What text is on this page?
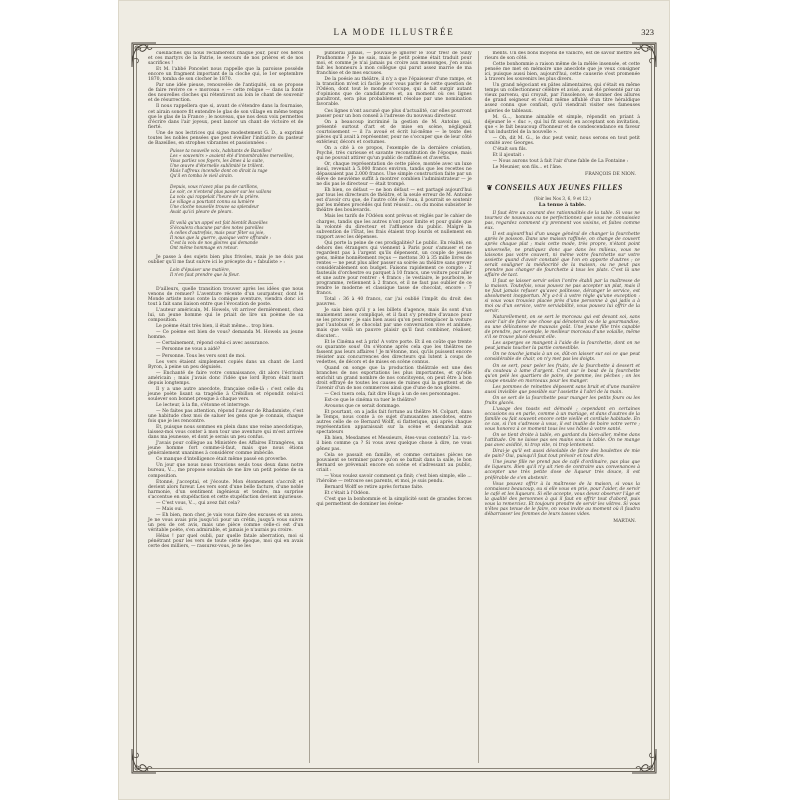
LA MODE ILLUSTRÉE	323

cueillaches qui nous réclamèrent chaque jour, pour ces héros et ces martyrs de la Patrie, le secours de nos prières et de nos sacrifices !

Et M. l'abbé Poncelet nous rappelle que la paroisse possède encore un fragment important de la cloche qui, le 1er septembre 1870, tomba de son clocher le 1870.

Par une idée pieuse, renouvelée de l'antiquité, on se propose de faire revivre ce « morceau » — cette relique — dans la fonte des nouvelles cloches qui rétentiront au loin le chant de souvenir et de résurrection.

Il nous rappellera que si, avant de s'étendre dans la fournaise, cet airain sonore fit entendre le glas de son village en même temps que le glas de la France ; le nouveau, que nos deux voix permettes d'écrire dans l'air joyeux, peut lancer un chant de victoire et de fierté.

Une de nos lectrices qui signe modestement G. D., a exprimé toutes les nobles pensées que peut éveiller l'initiative du pasteur de Bazeilles, en strophes vibrantes et passionnées :

Puisse ta nouvelle voix, habitants de Bazeilles!
Les « souvenirs » avaient été d'innombrables merveilles,
Vous parliez vos foyers, les âmes à la suite,
Une œuvre d'éternelle sublimité te trillent.
Mais l'affreux incendie dont on dirait la rage
Qu'il en tomba le vieil airain.
Depuis, vous n'avez plus pu de carillons,
Le soir, ce n'entend plus passer sur les vallons
La voix qui rappelait l'heure de la prière.
Le village a pourtant connu sa lumière
Une cloche nouvelle trouve sa splendeur
Avait qu'ici pleure de pleurs.
Et voilà qu'un appel est fait bientôt Bazeilles
S'écoulera chacune par des notes pareilles
A celles d'autrefois, mais pour fêter sa joie,
Il nous que la guerre, quoique votre offrande :
C'est la voix de nos gloires qui demande
Ont même hommage en retour.

Je passe à des sujets bien plus frivoles, mais je ne dois pas oublier qu'il me faut suivre ici le précepte du « fabuliste » :

Loin d'épuiser une matière,
Il n'en faut prendre que la fleur.

D'ailleurs, quelle transition trouver après les idées que nous venons de remuer? L'aventure récente d'un usurpateur, dont le Monde artiste nous conte la comique aventure, viendra donc ici tout à fait sans liaison entre que l'évocation de poste.

L'auteur américain, M. Howels, vit arriver dernièrement, chez lui, un jeune homme qui le priait de lire un poème de sa composition.

Le poème était très bien, il était même... trop bien.

— Ce poème est bien de vous? demanda M. Howels au jeune homme.

— Certainement, répond celui-ci avec assurance.

— Personne ne vous a aidé?

— Personne. Tous les vers sont de moi.

Les vers étaient simplement copiés dans un chant de Lord Byron, à peine un peu déguisés.

— Enchanté de faire votre connaissance, dit alors l'écrivain américain ; mais j'avais donc l'idée que lord Byron était mort depuis longtemps.

Il y a une autre anecdote, française celle-là : c'est celle du jeune poète lisant sa tragédie à Crébillon et répondit celui-ci soulever son bonnet presque à chaque vers.

Le lecteur, à la fin, s'étonne et interroge.

— Ne faites pas attention, répond l'auteur de Rhadamiste, c'est une habitude chez moi de saluer les gens que je connais, chaque fois que je les rencontre.

Et, puisque nous sommes en plein dans une veine anecdotique, laissez-moi vous conter à mon tour une aventure qui m'est arrivée dans ma jeunesse, et dont je serais un peu confus.

J'avais pour collègue au Ministère des Affaires Étrangères, un jeune homme fort comme-il-faut, mais que nous étions généralement unanimes à considérer comme imbécile.

Ce manque d'intelligence était même passé en proverbe.

Un jour que nous nous trouvions seuls tous deux dans notre bureau, V..., me propose soudain de me lire un petit poème de sa composition.

Étonné, j'acceptai, et j'écoute. Mon étonnement s'accroît et devient alors fureur. Les vers sont d'une belle facture, d'une noble harmonie, d'un sentiment ingénieux et tendre, ma surprise s'accentue en stupéfaction et cette stupéfaction devient injurieuse.

— C'est vous, V..., qui avez fait cela?

— Mais oui.

— Eh bien, mon cher, je vais vous faire des excuses et un aveu. Je ne vous avais pris jusqu'ici pour un crétin, jusqu'à vous suivre un peu de cet avis, mais une pièce comme celle-ci est d'un véritable poète, s'en admirable, et jamais je n'aurais pu croire.

Hélas ! par quel oubli, par quelle fatale aberration, moi si pénétrant pour les vers de toute cette époque, moi qui en avais certe des milliers, — rassurez-vous, je ne les

publierai jamais, — pouvais-je ignorer le Tour très! de Sully Prudhomme ? Je ne sais, mais le petit poème était traduit pour moi, et comme je n'ai jamais pu croire aux mensonges, j'en avais fait les honneurs à mon collègue qui parut assez marrie de ma franchise et de mes excuses.

De la poésie au théâtre, il n'y a que l'épaisseur d'une rampe, et la transition m'est ici facile pour vous parler de cette question de l'Odéon, dont tout le monde s'occupe, qui a fait surgir autant d'opinions que de candidatures et, au moment où ces lignes paraîtront, sera plus probablement résolue par une nomination favorable.

Ces lignes n'ont aucuné que plus d'actualité, car elles pourront passer pour un bon conseil à l'adresse du nouveau directeur.

On a beaucoup incriminé la gestion de M. Antoine qui, présenté surtout d'art et de mise en scène, négligeait courtoisement — il l'a avoué et écrit lui-même — le texte des pièces qu'il avait à représenter, pour ne s'occuper que de leur côté extérieur, décors et costumes.

On a cité à ce propos, l'exemple de la dernière création, Psyché, très curieuse et savante reconstitution de l'époque, mais qui ne pouvait attirer qu'un public de raffinés et d'avertis.

Or, chaque représentation de cette pièce, montée avec un luxe inouï, revenait à 5.000 francs environ, tandis que les recettes ne dépassaient pas 2.000 francs. Une simple construction faite par un élève de neuvième suffit à montrer combien l'administrateur — je ne dis pas le directeur — était trompé.

Eh bien, ce défaut — ne bon défaut — est partagé aujourd'hui par tous les directeurs de théâtre, et la seule erreur de M. Antoine est d'avoir cru que, de l'autre côté de l'eau, il pourrait se soutenir par les mêmes procédés qui font réussir... ou du moins subsister le théâtre des boulevards.

Mais les tarifs de l'Odéon sont prévus et réglés par le cahier de charges, tandis que les autres n'ont pour limite et pour guide que la volonté du directeur et l'affluence du public. Malgré la subvention de l'État, les frais étaient trop lourds et nullement en rapport avec les dépenses.

Qui porte la peine de ces prodigalités? Le public. En réalité, en dehors des étrangers qui viennent à Paris pour s'amuser et ne regardent pas à l'argent qu'ils dépensent, un couple de jeunes gens, même honnêtement reçus — mettons 30 à 35 mille livres de rentes — ne peut plus aller passer sa soirée au théâtre sans grever considérablement son budget. Faisons rapidement ce compte : 2 fauteuils d'orchestre ou parquet à 10 francs, une voiture pour aller et une autre pour rentrer : 4 francs ; le vestiaire, le pourboire, le programme, retiennent à 2 francs, et il ne faut pas oublier de ce rendre le moderne et classique tasse de chocolat, encore : 7 francs.

Total : 36 à 40 francs, car j'ai oublié l'impôt du droit des pauvres.

Je sais bien qu'il y a les billets d'agence, mais ils sont d'un maniement assez compliqué, et il faut s'y prendre d'avance pour se les procurer ; je sais bien aussi qu'on peut remplacer la voiture par l'autobus et le chocolat par une conversation vive et animée, mais que voilà un pauvre plaisir qu'il faut combiner, réaliser, discuter...

Et le Cinéma est à prix! A votre porte. Et il en coûte que trente ou quarante sous! On s'étonne après cela que les théâtres ne fassent pas leurs affaires ! Je m'étonne, moi, qu'ils puissent encore résister aux concurrences des directeurs qui lutent à coups de vedettes, de décors et de mises en scène connus.

Quand on songe que la production théâtrale est une des branches de nos exportations les plus importantes, et qu'elle enrichit un grand nombre de nos concitoyens, on peut être à bon droit effrayé de toutes les causes de ruines qui la guettent et de l'avenir d'un de nos commerces ainsi que d'une de nos gloires.

— Ceci tuera cela, fait dire Hugo à un de ses personnages.

Est-ce que le cinéma va tuer le théâtre?

Avouons que ce serait dommage.

Et pourtant, on a jadis fait fortune au théâtre M. Colpart, dans le Temps, nous conte à ce sujet d'amusantes anecdotes, entre autres celle de ce Bernard Wolff, si flatterique, qui après chaque représentation apparaissait sur la scène et demandait aux spectateurs

Eh bien, Mesdames et Messieurs, êtes-vous contents? Lu. va-t-il bien comme ça ? Si vous avez quelque chose à dire, ne vous gênez pas.

Cela se passait en famille, et comme certaines pièces ne pouvaient se terminer parce qu'on se battait dans la salle, le bon Bernard se prévenait encore en scène et s'adressant au public, criait :

— Vous voulez savoir comment ça finit; c'est bien simple, elle ... l'héroïne — retrouve ses parents, et moi, je suis pendu.

Bernard Wolff se retire après fortune faite.

Et c'était à l'Odéon.

C'est que la bonhommie et la simplicité sont de grandes forces qui permettent de dominer les événe-

ments. Un des bons moyens de vaincre, est de savoir mettre les rieurs de son côté.

Cette bonhommie a raison même de la mêlée insensée, et cette pensée me met en mémoire une anecdote que je veux consigner ici, puisque aussi bien, aujourd'hui, cette causerie s'est promenée à travers les souvenirs les plus divers.

Un grand négociant en pâtes alimentaires, qui s'était en même temps un collectionneur célèbre et avisé, avait été présenté par un vieux parvenu, qui croyait, par l'insolence, se donner des allures de grand seigneur et s'était même affublé d'un titre héraldique assez connu que confiait, qu'il viendrait visiter ses fameuses galeries de tableaux.

M. G..., homme aimable et simple, répondit en priant à déjeuner le « duc », qui lui fit savoir, en acceptant son invitation, que « le fait beaucoup d'honneur et de condescendance en faveur d'un industriel de la nouvelle ».

— Oh, dit M. G.., le duc peut venir, nous serons en tout petit comité avec Georges.

C'était son fils.

Et il ajoutait :

— Nous aurons tout à fait l'air d'une fable de La Fontaine :

Le Meunier, son fils... et l'âne.

FRANÇOIS DE NION.
❦ CONSEILS AUX JEUNES FILLES
(Voir les Nos 3, 6, 9 et 12.)
La tenue à table.

Il faut être au courant des rationnalités de la table. Si vous ne tournez de nouveaux ou ne perfectionnez que vous ne connaissiez pas, regardez comment s'y prennent vos voisins, et faites comme eux.

Il est aujourd'hui d'un usage général de changer la fourchette après le poisson. Dans une maison raffinée, on change de couvert après chaque plat ; mais cette mode, très propre, n'étant point universelle, ne pratiquez donc que dans les milieux, vous ne laissons pas votre couvert, ni même votre fourchette sur votre assiette quand d'avoir constaté que l'on en apporte d'autres ; ce serait souligner la médiocrité de la maison, ou ne peut pas prendre pas changer de fourchette à tous les plats. C'est là une affaire de tact.

Il faut se laisser servir selon l'ordre établi par la maîtresse de la maison. Toutefois, vous pouvez ne pas accepter un plat, mais il ne faut jamais refuser qu'avec politesse, déranger le service, est absolument inopportun. N'y a-t-il à votre règle qu'une exception : si vous vous trouviez placée près d'une personne à qui jadis a à moi ou d'un service, votre serviabilité, vous pouvez lui offrir de la servir.

Naturellement, on se sert le morceau qui est devant soi, sans avoir l'air de faire une chose qui dénoterait ou de la gourmandise, ou une délicatesse de mauvais goût. Une jeune fille très capable de prendre, par exemple, le meilleur morceau d'une volaille, même s'il se trouve placé devant elle.

Les asperges se mangent à l'aide de la fourchette, dont on ne peut jamais toucher la partie comestible.

On ne touche jamais à un os, dût-on laisser sur soi ce que peut considérable de chair, on n'y met pas les doigts.

On se sert, pour peler les fruits, de la fourchette à dessert et du couteau à lame d'argent. C'est sur le bout de la fourchette qu'on pelé les quartiers de poire, de pomme, les pêches ; on les coupe ensuite en morceaux pour les manger.

Les pommes de reinettes déposent sans bruit et d'une manière aussi invisible que possible sur l'assiette à l'abri de la main.

On se sert de la fourchette pour manger les petits fours ou les fruits glacés.

L'usage des toasts est démodé ; cependant en certaines occasions ou en parle, comme à un mariage, et dans d'autres de la famille ou fait souvent encore cette vieille et cordiale habitude. En ce cas, si l'on s'adresse à vous, il est inutile de boire votre verre ; vous honorez à ce moment tous les vos hôtes à votre santé.

On se tient droite à table, en gardant du bien-aller, même dans l'attitude. On ne laisse pas ses mains sous la table. On ne mange pas avec avidité, ni trop vite, ni trop lentement.

Dirai-je qu'il est aussi désolable de faire des boulettes de mie de pain? Oui, puisqu'il faut tout prévoir et tout dire.

Une jeune fille ne prend pas de café d'ordinaire, pas plus que de liqueurs. Bien qu'il n'y ait rien de contraire aux convenances à accepter une très petite dose de liqueur très douce, il est préférable de s'en abstenir.

Vous pouvez offrir à la maîtresse de la maison, si vous la connaissez beaucoup, ou si elle vous en prie, pour l'aider, de servir le café et les liqueurs. Si elle accepte, vous devez observer l'âge et la qualité des personnes à qui il faut en offrir tout d'abord, puis vous la remerciez. Et toujours prendre de servir les vôtres. Si vous n'êtes pas tenue de le faire, on vous invite au moment où il faudra débarrasser les femmes de leurs tasses vides.

MARTAN.
